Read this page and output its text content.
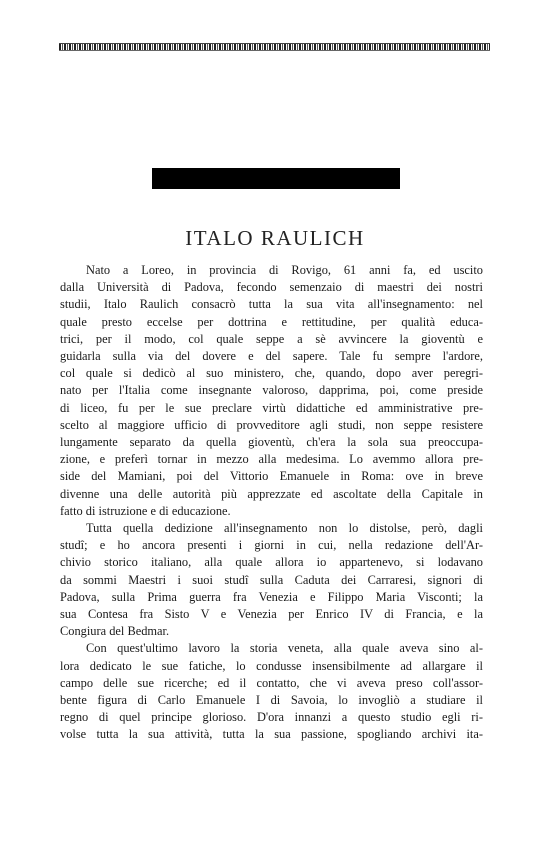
ITALO RAULICH

Nato a Loreo, in provincia di Rovigo, 61 anni fa, ed uscito

dalla Università di Padova, fecondo semenzaio di maestri dei nostri

studii, Italo Raulich consacrò tutta la sua vita all'insegnamento: nel

quale presto eccelse per dottrina e rettitudine, per qualità educa-

trici, per il modo, col quale seppe a sè avvincere la gioventù e

guidarla sulla via del dovere e del sapere. Tale fu sempre l'ardore,

col quale si dedicò al suo ministero, che, quando, dopo aver peregri-

nato per l'Italia come insegnante valoroso, dapprima, poi, come preside

di liceo, fu per le sue preclare virtù didattiche ed amministrative pre-

scelto al maggiore ufficio di provveditore agli studi, non seppe resistere

lungamente separato da quella gioventù, ch'era la sola sua preoccupa-

zione, e preferì tornar in mezzo alla medesima. Lo avemmo allora pre-

side del Mamiani, poi del Vittorio Emanuele in Roma: ove in breve

divenne una delle autorità più apprezzate ed ascoltate della Capitale in

fatto di istruzione e di educazione.

Tutta quella dedizione all'insegnamento non lo distolse, però, dagli

studî; e ho ancora presenti i giorni in cui, nella redazione dell'Ar-

chivio storico italiano, alla quale allora io appartenevo, si lodavano

da sommi Maestri i suoi studî sulla Caduta dei Carraresi, signori di

Padova, sulla Prima guerra fra Venezia e Filippo Maria Visconti; la

sua Contesa fra Sisto V e Venezia per Enrico IV di Francia, e la

Congiura del Bedmar.

Con quest'ultimo lavoro la storia veneta, alla quale aveva sino al-

lora dedicato le sue fatiche, lo condusse insensibilmente ad allargare il

campo delle sue ricerche; ed il contatto, che vi aveva preso coll'assor-

bente figura di Carlo Emanuele I di Savoia, lo invogliò a studiare il

regno di quel principe glorioso. D'ora innanzi a questo studio egli ri-

volse tutta la sua attività, tutta la sua passione, spogliando archivi ita-
